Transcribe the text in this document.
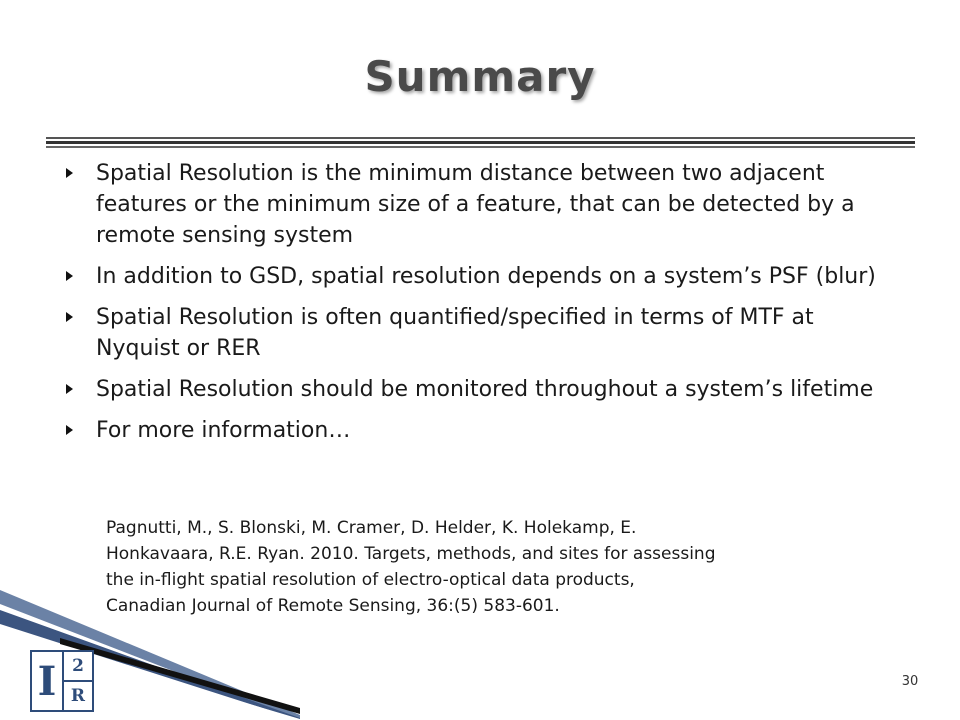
Summary
Spatial Resolution is the minimum distance between two adjacent features or the minimum size of a feature, that can be detected by a remote sensing system
In addition to GSD, spatial resolution depends on a system’s PSF (blur)
Spatial Resolution is often quantified/specified in terms of MTF at Nyquist or RER
Spatial Resolution should be monitored throughout a system’s lifetime
For more information…
Pagnutti, M., S. Blonski, M. Cramer, D. Helder, K. Holekamp, E.
Honkavaara, R.E. Ryan. 2010. Targets, methods, and sites for assessing
the in-flight spatial resolution of electro-optical data products,
Canadian Journal of Remote Sensing, 36:(5) 583-601.
I 2
R
30
